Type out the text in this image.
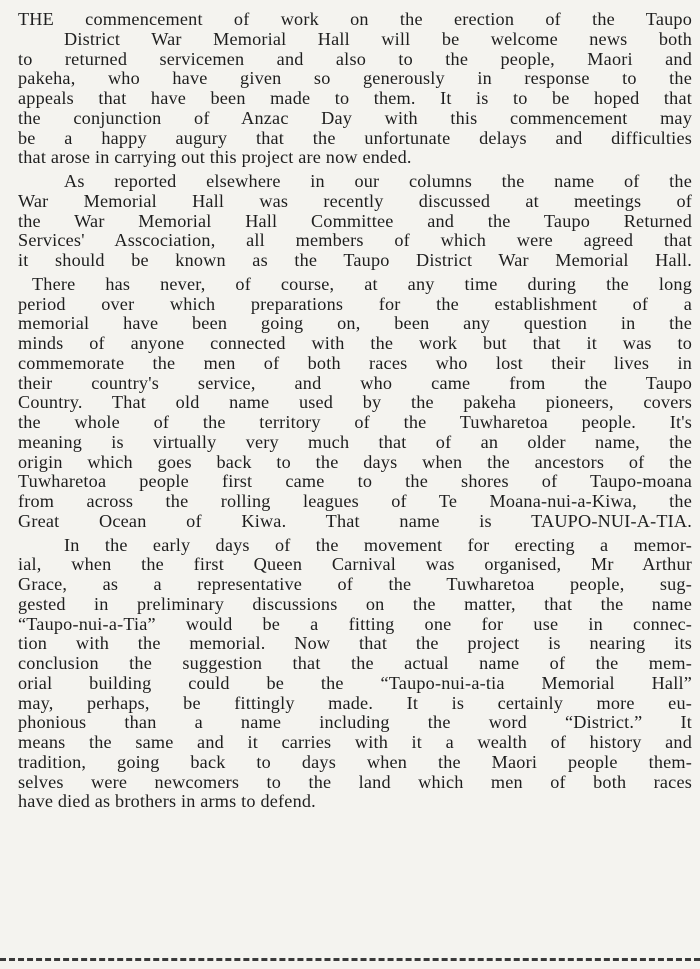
THE commencement of work on the erection of the Taupo
District War Memorial Hall will be welcome news both
to returned servicemen and also to the people, Maori and
pakeha, who have given so generously in response to the
appeals that have been made to them. It is to be hoped that
the conjunction of Anzac Day with this commencement may
be a happy augury that the unfortunate delays and difficulties
that arose in carrying out this project are now ended.
As reported elsewhere in our columns the name of the
War Memorial Hall was recently discussed at meetings of
the War Memorial Hall Committee and the Taupo Returned
Services' Asscociation, all members of which were agreed that
it should be known as the Taupo District War Memorial Hall.
There has never, of course, at any time during the long
period over which preparations for the establishment of a
memorial have been going on, been any question in the
minds of anyone connected with the work but that it was to
commemorate the men of both races who lost their lives in
their country's service, and who came from the Taupo
Country. That old name used by the pakeha pioneers, covers
the whole of the territory of the Tuwharetoa people. It's
meaning is virtually very much that of an older name, the
origin which goes back to the days when the ancestors of the
Tuwharetoa people first came to the shores of Taupo-moana
from across the rolling leagues of Te Moana-nui-a-Kiwa, the
Great Ocean of Kiwa. That name is TAUPO-NUI-A-TIA.
In the early days of the movement for erecting a memor-
ial, when the first Queen Carnival was organised, Mr Arthur
Grace, as a representative of the Tuwharetoa people, sug-
gested in preliminary discussions on the matter, that the name
“Taupo-nui-a-Tia” would be a fitting one for use in connec-
tion with the memorial. Now that the project is nearing its
conclusion the suggestion that the actual name of the mem-
orial building could be the “Taupo-nui-a-tia Memorial Hall”
may, perhaps, be fittingly made. It is certainly more eu-
phonious than a name including the word “District.” It
means the same and it carries with it a wealth of history and
tradition, going back to days when the Maori people them-
selves were newcomers to the land which men of both races
have died as brothers in arms to defend.
